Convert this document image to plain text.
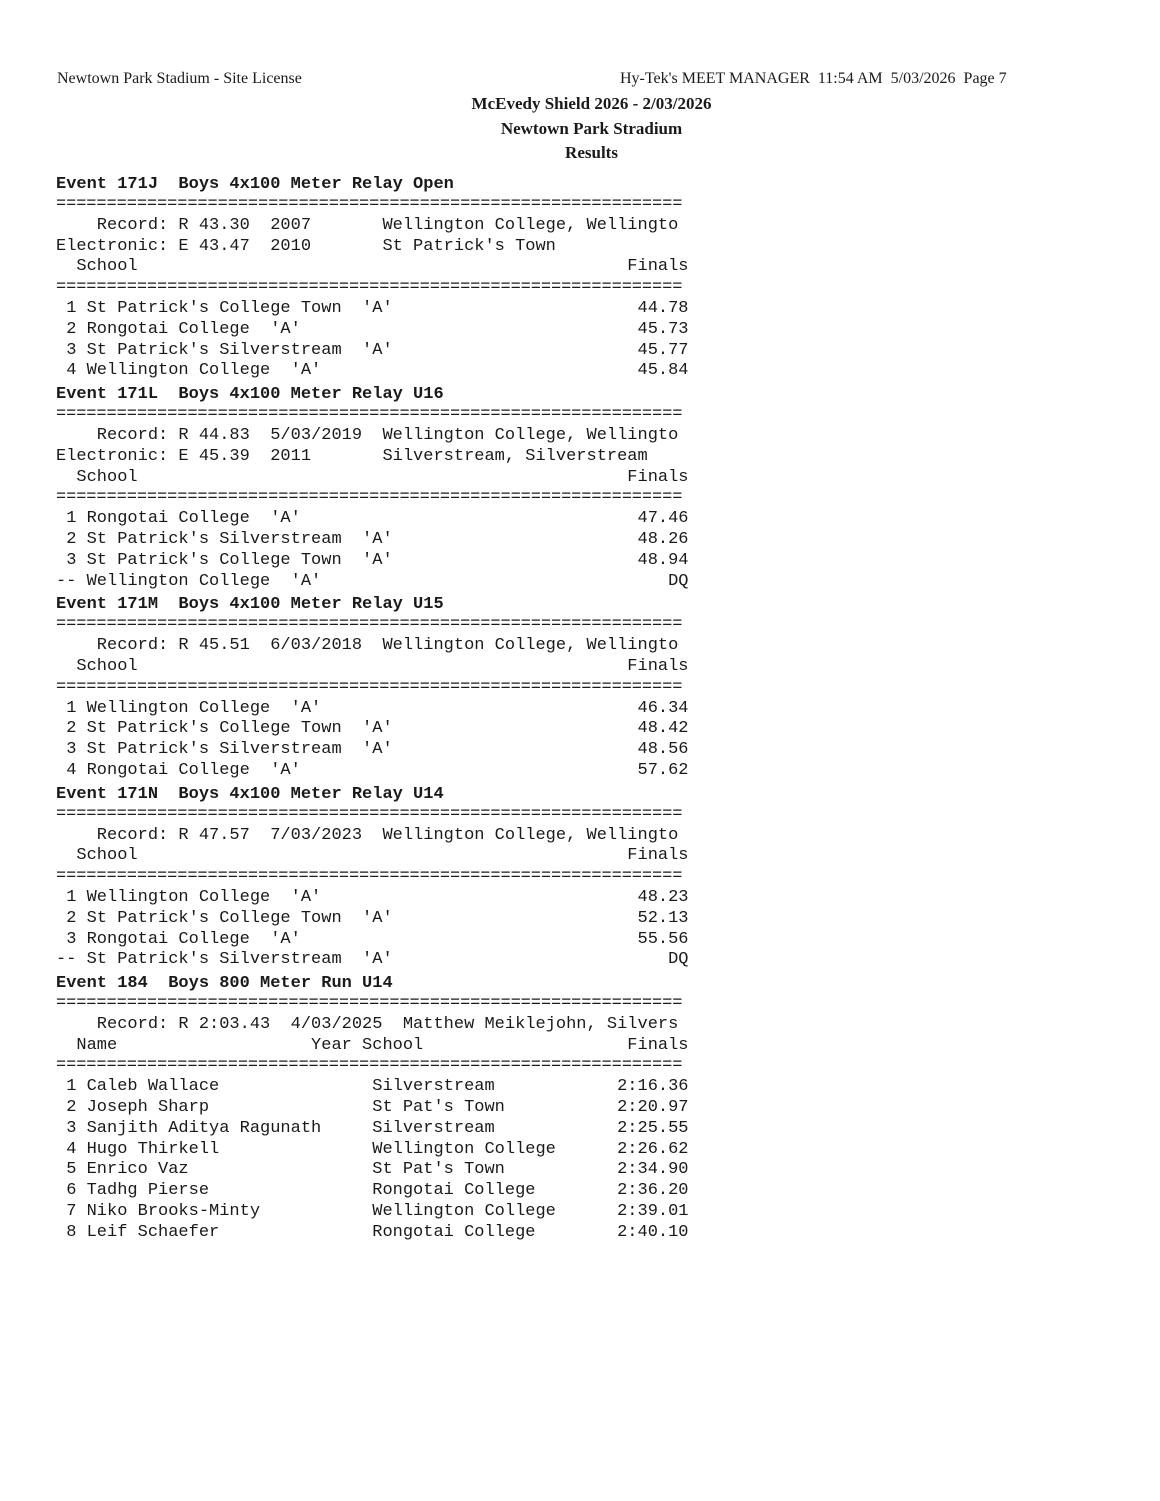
Newtown Park Stadium - Site License	Hy-Tek's MEET MANAGER  11:54 AM  5/03/2026  Page 7
McEvedy Shield 2026 - 2/03/2026
Newtown Park Stradium
Results
Event 171J  Boys 4x100 Meter Relay Open
==============================================================
Record: R 43.30  2007       Wellington College, Wellingto
Electronic: E 43.47  2010       St Patrick's Town
School                                                Finals
==============================================================
1 St Patrick's College Town  'A'                        44.78
2 Rongotai College  'A'                                 45.73
3 St Patrick's Silverstream  'A'                        45.77
4 Wellington College  'A'                               45.84
Event 171L  Boys 4x100 Meter Relay U16
==============================================================
Record: R 44.83  5/03/2019  Wellington College, Wellingto
Electronic: E 45.39  2011       Silverstream, Silverstream
School                                                Finals
==============================================================
1 Rongotai College  'A'                                 47.46
2 St Patrick's Silverstream  'A'                        48.26
3 St Patrick's College Town  'A'                        48.94
-- Wellington College  'A'                                  DQ
Event 171M  Boys 4x100 Meter Relay U15
==============================================================
Record: R 45.51  6/03/2018  Wellington College, Wellingto
School                                                Finals
==============================================================
1 Wellington College  'A'                               46.34
2 St Patrick's College Town  'A'                        48.42
3 St Patrick's Silverstream  'A'                        48.56
4 Rongotai College  'A'                                 57.62
Event 171N  Boys 4x100 Meter Relay U14
==============================================================
Record: R 47.57  7/03/2023  Wellington College, Wellingto
School                                                Finals
==============================================================
1 Wellington College  'A'                               48.23
2 St Patrick's College Town  'A'                        52.13
3 Rongotai College  'A'                                 55.56
-- St Patrick's Silverstream  'A'                           DQ
Event 184  Boys 800 Meter Run U14
==============================================================
Record: R 2:03.43  4/03/2025  Matthew Meiklejohn, Silvers
Name                   Year School                    Finals
==============================================================
1 Caleb Wallace               Silverstream            2:16.36
2 Joseph Sharp                St Pat's Town           2:20.97
3 Sanjith Aditya Ragunath     Silverstream            2:25.55
4 Hugo Thirkell               Wellington College      2:26.62
5 Enrico Vaz                  St Pat's Town           2:34.90
6 Tadhg Pierse                Rongotai College        2:36.20
7 Niko Brooks-Minty           Wellington College      2:39.01
8 Leif Schaefer               Rongotai College        2:40.10
